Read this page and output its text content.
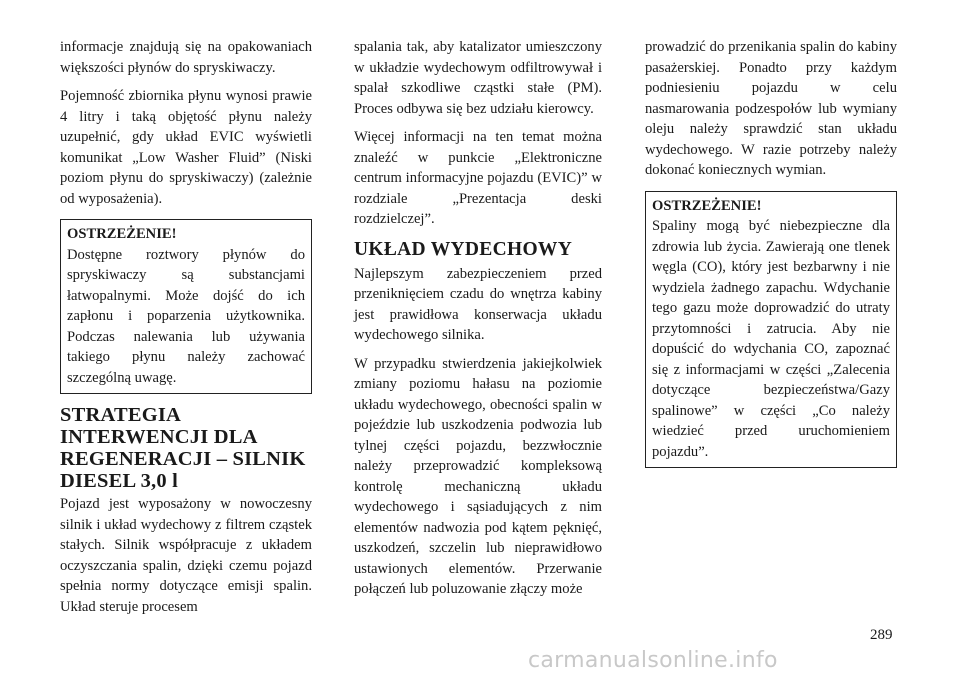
informacje znajdują się na opakowaniach większości płynów do spryskiwaczy.

Pojemność zbiornika płynu wynosi prawie 4 litry i taką objętość płynu należy uzupełnić, gdy układ EVIC wyświetli komunikat „Low Washer Fluid” (Niski poziom płynu do spryskiwaczy) (zależnie od wyposażenia).

OSTRZEŻENIE!
Dostępne roztwory płynów do spryskiwaczy są substancjami łatwopalnymi. Może dojść do ich zapłonu i poparzenia użytkownika. Podczas nalewania lub używania takiego płynu należy zachować szczególną uwagę.
STRATEGIA INTERWENCJI DLA REGENERACJI – SILNIK DIESEL 3,0 l

Pojazd jest wyposażony w nowoczesny silnik i układ wydechowy z filtrem cząstek stałych. Silnik współpracuje z układem oczyszczania spalin, dzięki czemu pojazd spełnia normy dotyczące emisji spalin. Układ steruje procesem

spalania tak, aby katalizator umieszczony w układzie wydechowym odfiltrowywał i spalał szkodliwe cząstki stałe (PM). Proces odbywa się bez udziału kierowcy.

Więcej informacji na ten temat można znaleźć w punkcie „Elektroniczne centrum informacyjne pojazdu (EVIC)” w rozdziale „Prezentacja deski rozdzielczej”.

UKŁAD WYDECHOWY

Najlepszym zabezpieczeniem przed przeniknięciem czadu do wnętrza kabiny jest prawidłowa konserwacja układu wydechowego silnika.

W przypadku stwierdzenia jakiejkolwiek zmiany poziomu hałasu na poziomie układu wydechowego, obecności spalin w pojeździe lub uszkodzenia podwozia lub tylnej części pojazdu, bezzwłocznie należy przeprowadzić kompleksową kontrolę mechaniczną układu wydechowego i sąsiadujących z nim elementów nadwozia pod kątem pęknięć, uszkodzeń, szczelin lub nieprawidłowo ustawionych elementów. Przerwanie połączeń lub poluzowanie złączy może

prowadzić do przenikania spalin do kabiny pasażerskiej. Ponadto przy każdym podniesieniu pojazdu w celu nasmarowania podzespołów lub wymiany oleju należy sprawdzić stan układu wydechowego. W razie potrzeby należy dokonać koniecznych wymian.

OSTRZEŻENIE!
Spaliny mogą być niebezpieczne dla zdrowia lub życia. Zawierają one tlenek węgla (CO), który jest bezbarwny i nie wydziela żadnego zapachu. Wdychanie tego gazu może doprowadzić do utraty przytomności i zatrucia. Aby nie dopuścić do wdychania CO, zapoznać się z informacjami w części „Zalecenia dotyczące bezpieczeństwa/Gazy spalinowe” w części „Co należy wiedzieć przed uruchomieniem pojazdu”.
289
carmanualsonline.info
